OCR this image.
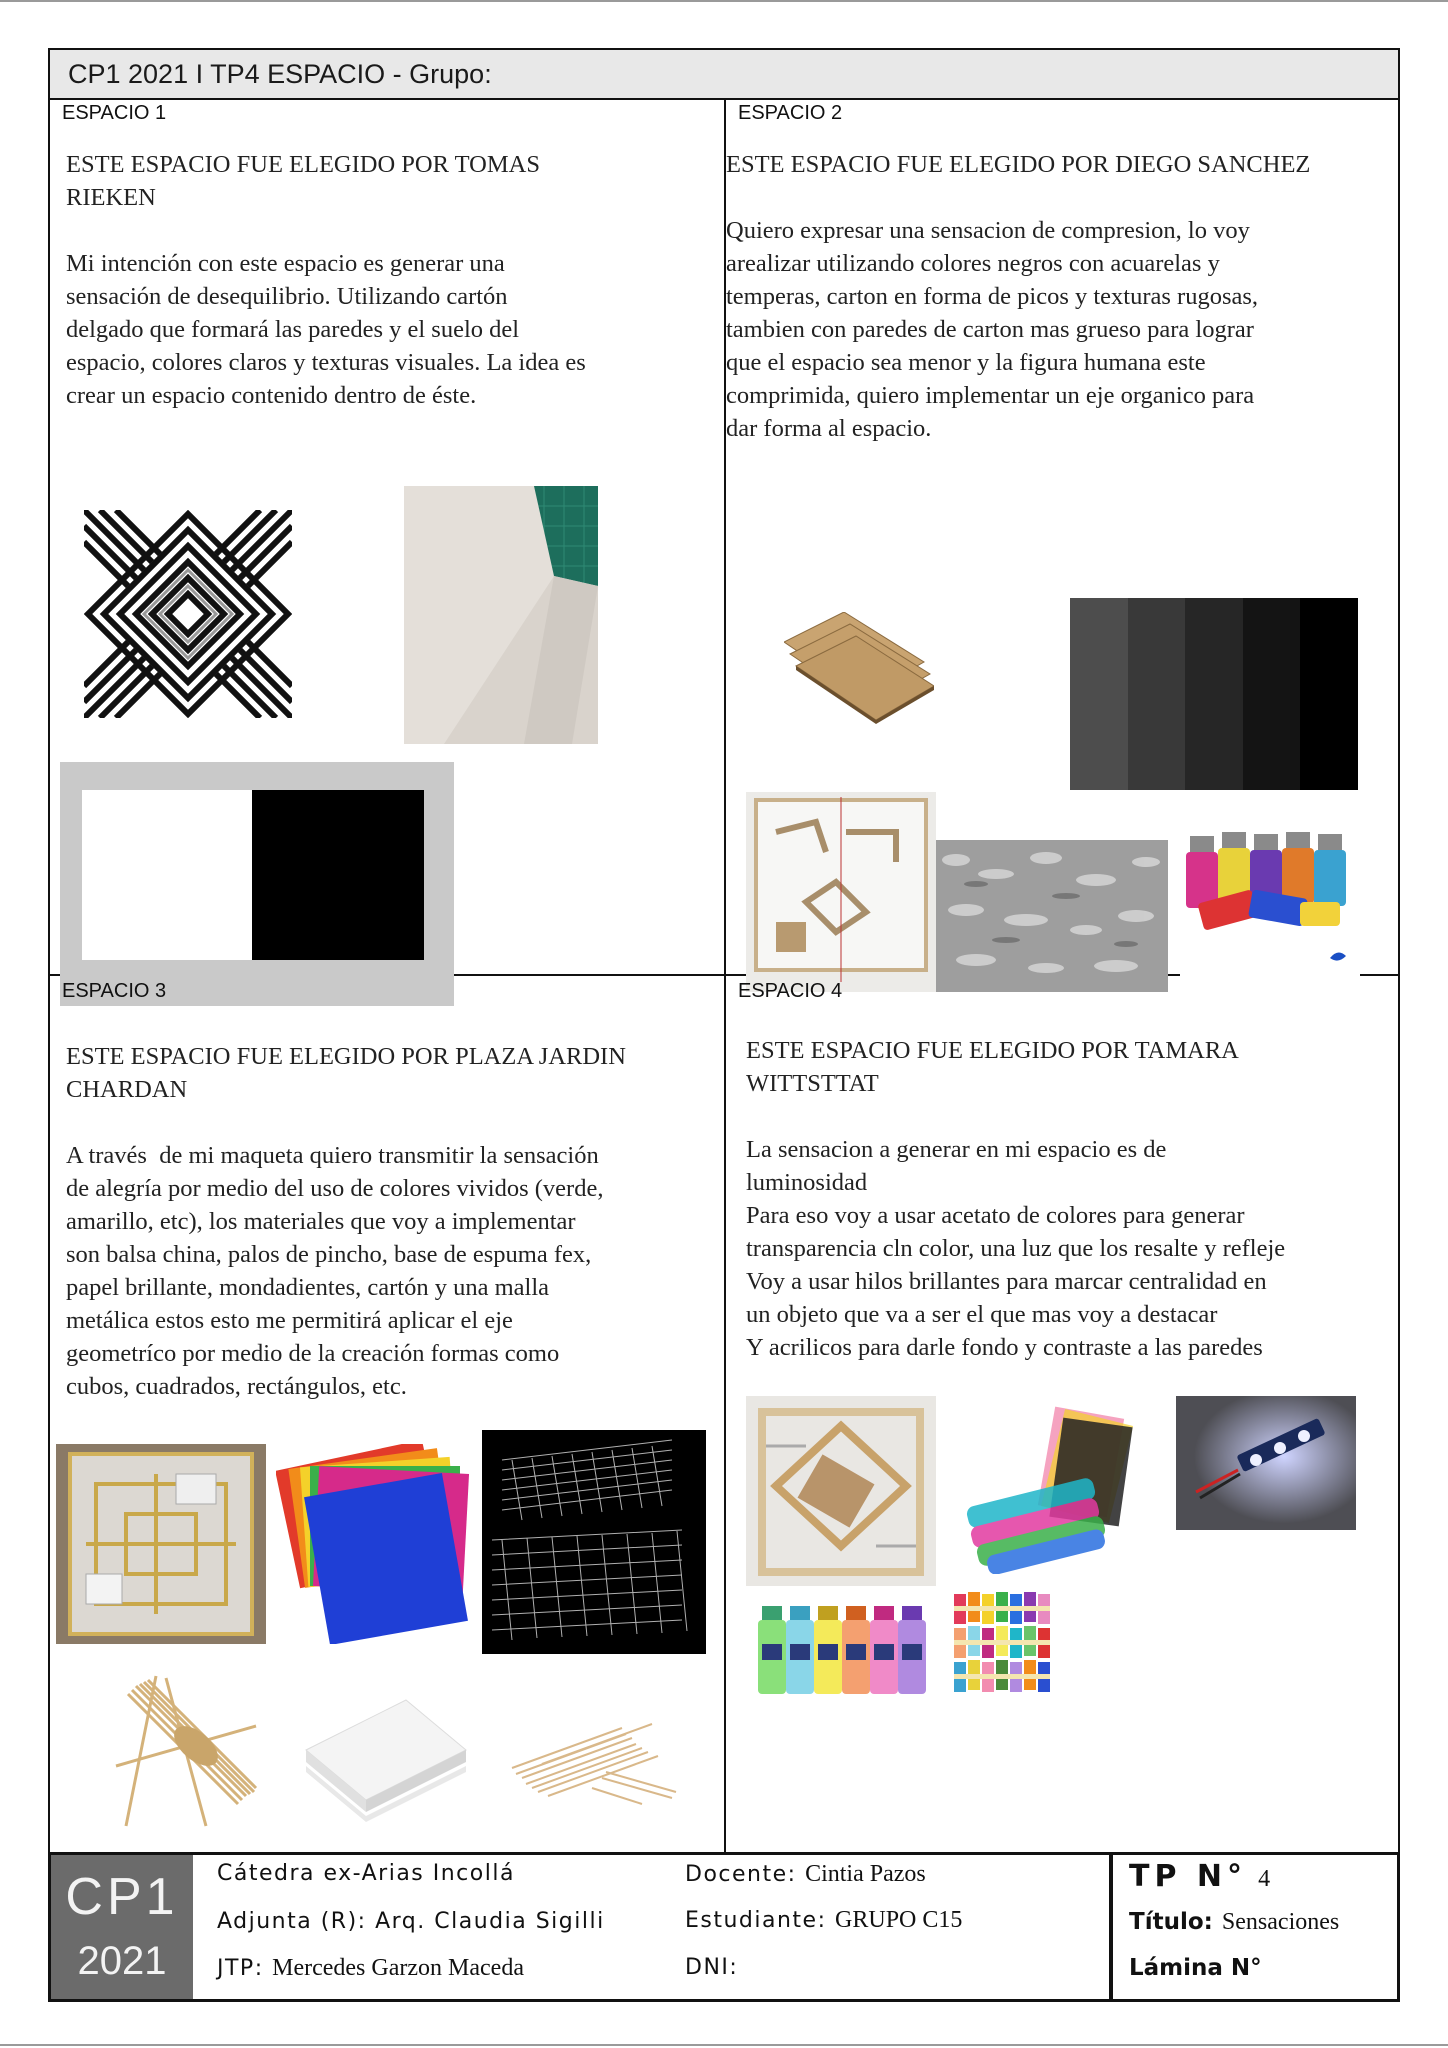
CP1 2021 I TP4 ESPACIO - Grupo:
ESPACIO 1
ESTE ESPACIO FUE ELEGIDO POR TOMAS
RIEKEN

Mi intención con este espacio es generar una
sensación de desequilibrio. Utilizando cartón
delgado que formará las paredes y el suelo del
espacio, colores claros y texturas visuales. La idea es
crear un espacio contenido dentro de éste.
ESPACIO 2
ESTE ESPACIO FUE ELEGIDO POR DIEGO SANCHEZ

Quiero expresar una sensacion de compresion, lo voy
arealizar utilizando colores negros con acuarelas y
temperas, carton en forma de picos y texturas rugosas,
tambien con paredes de carton mas grueso para lograr
que el espacio sea menor y la figura humana este
comprimida, quiero implementar un eje organico para
dar forma al espacio.
ESPACIO 3
ESTE ESPACIO FUE ELEGIDO POR PLAZA JARDIN
CHARDAN

A través  de mi maqueta quiero transmitir la sensación
de alegría por medio del uso de colores vividos (verde,
amarillo, etc), los materiales que voy a implementar
son balsa china, palos de pincho, base de espuma fex,
papel brillante, mondadientes, cartón y una malla
metálica estos esto me permitirá aplicar el eje
geometríco por medio de la creación formas como
cubos, cuadrados, rectángulos, etc.
ESPACIO 4
ESTE ESPACIO FUE ELEGIDO POR TAMARA
WITTSTTAT

La sensacion a generar en mi espacio es de
luminosidad
Para eso voy a usar acetato de colores para generar
transparencia cln color, una luz que los resalte y refleje
Voy a usar hilos brillantes para marcar centralidad en
un objeto que va a ser el que mas voy a destacar
Y acrilicos para darle fondo y contraste a las paredes
CP1
2021
Cátedra ex-Arias Incollá
Adjunta (R): Arq. Claudia Sigilli
JTP: Mercedes Garzon Maceda
Docente: Cintia Pazos
Estudiante: GRUPO C15
DNI:
TP N° 4
Título: Sensaciones
Lámina N°
